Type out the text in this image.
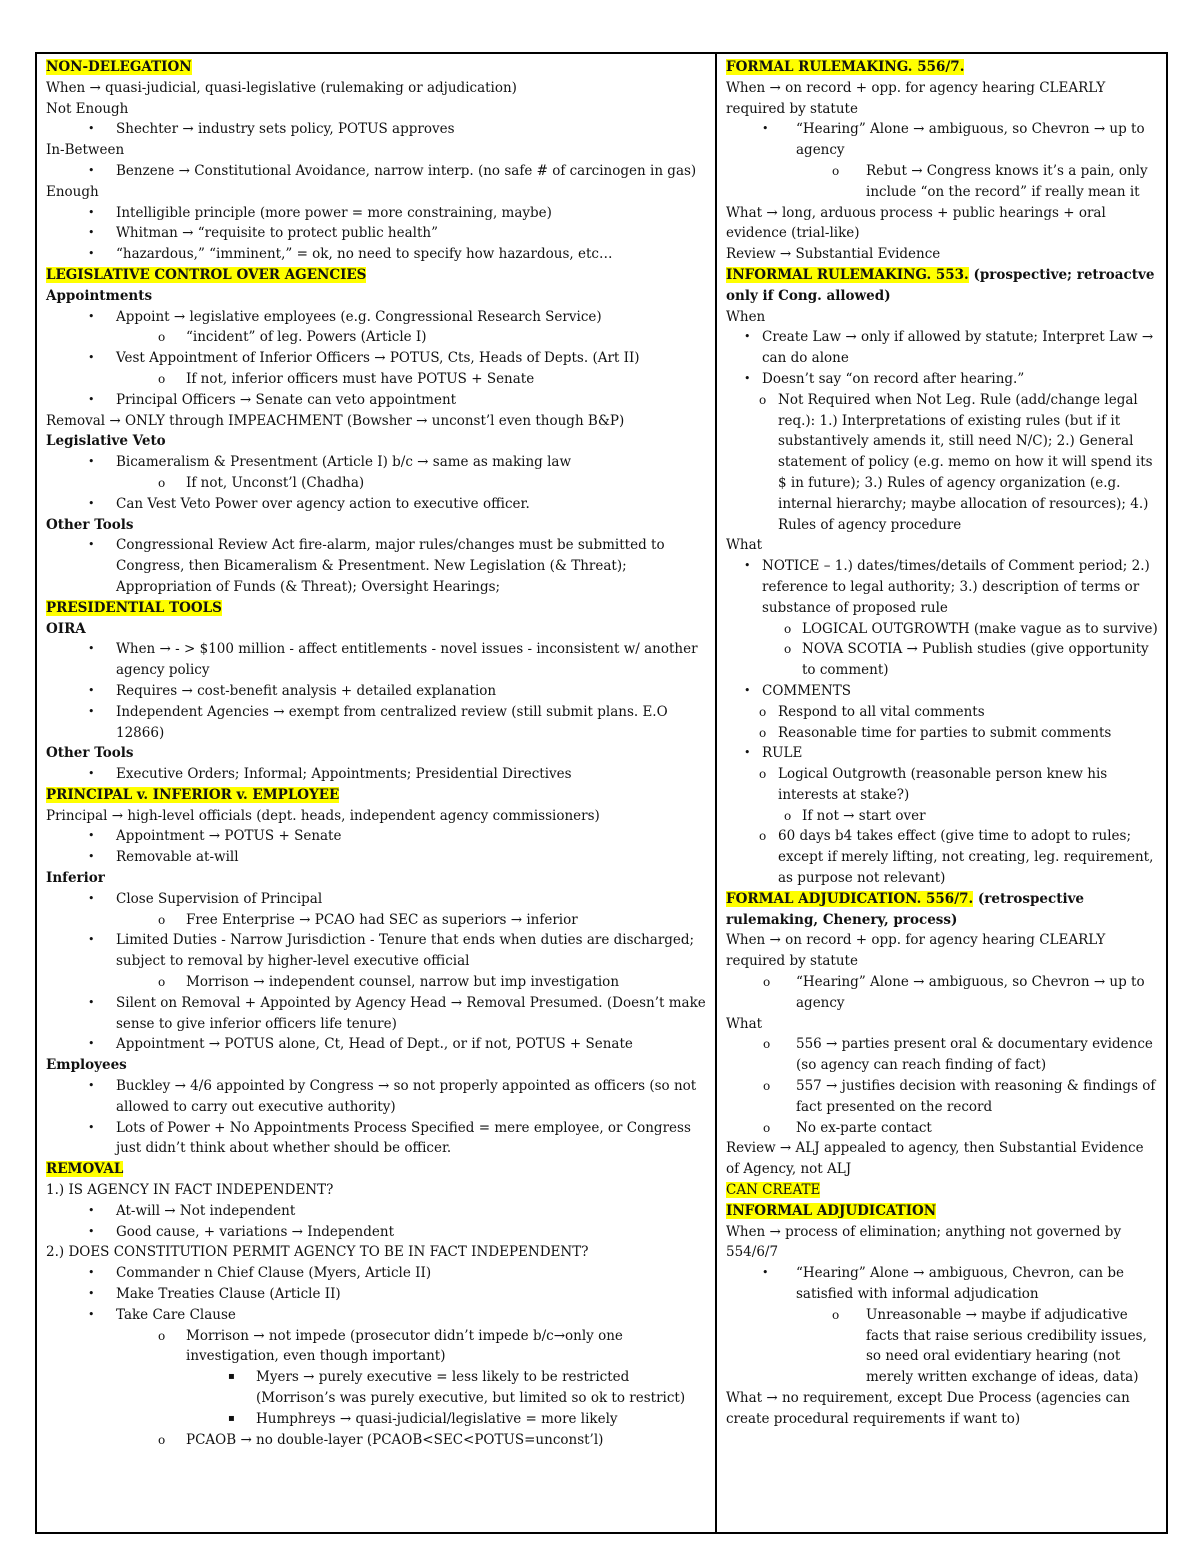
NON-DELEGATION
When → quasi-judicial, quasi-legislative (rulemaking or adjudication)
Not Enough
• Shechter → industry sets policy, POTUS approves
In-Between
• Benzene → Constitutional Avoidance, narrow interp. (no safe # of carcinogen in gas)
Enough
• Intelligible principle (more power = more constraining, maybe)
• Whitman → “requisite to protect public health”
• “hazardous,” “imminent,” = ok, no need to specify how hazardous, etc…
LEGISLATIVE CONTROL OVER AGENCIES
Appointments
• Appoint → legislative employees (e.g. Congressional Research Service)
o “incident” of leg. Powers (Article I)
• Vest Appointment of Inferior Officers → POTUS, Cts, Heads of Depts. (Art II)
o If not, inferior officers must have POTUS + Senate
• Principal Officers → Senate can veto appointment
Removal → ONLY through IMPEACHMENT (Bowsher → unconst’l even though B&P)
Legislative Veto
• Bicameralism & Presentment (Article I) b/c → same as making law
o If not, Unconst’l (Chadha)
• Can Vest Veto Power over agency action to executive officer.
Other Tools
• Congressional Review Act fire-alarm, major rules/changes must be submitted to Congress, then Bicameralism & Presentment. New Legislation (& Threat); Appropriation of Funds (& Threat); Oversight Hearings;
PRESIDENTIAL TOOLS
OIRA
• When → - > $100 million - affect entitlements - novel issues - inconsistent w/ another agency policy
• Requires → cost-benefit analysis + detailed explanation
• Independent Agencies → exempt from centralized review (still submit plans. E.O 12866)
Other Tools
• Executive Orders; Informal; Appointments; Presidential Directives
PRINCIPAL v. INFERIOR v. EMPLOYEE
Principal → high-level officials (dept. heads, independent agency commissioners)
• Appointment → POTUS + Senate
• Removable at-will
Inferior
• Close Supervision of Principal
o Free Enterprise → PCAO had SEC as superiors → inferior
• Limited Duties - Narrow Jurisdiction - Tenure that ends when duties are discharged; subject to removal by higher-level executive official
o Morrison → independent counsel, narrow but imp investigation
• Silent on Removal + Appointed by Agency Head → Removal Presumed. (Doesn’t make sense to give inferior officers life tenure)
• Appointment → POTUS alone, Ct, Head of Dept., or if not, POTUS + Senate
Employees
• Buckley → 4/6 appointed by Congress → so not properly appointed as officers (so not allowed to carry out executive authority)
• Lots of Power + No Appointments Process Specified = mere employee, or Congress just didn’t think about whether should be officer.
REMOVAL
1.) IS AGENCY IN FACT INDEPENDENT?
• At-will → Not independent
• Good cause, + variations → Independent
2.) DOES CONSTITUTION PERMIT AGENCY TO BE IN FACT INDEPENDENT?
• Commander n Chief Clause (Myers, Article II)
• Make Treaties Clause (Article II)
• Take Care Clause
o Morrison → not impede (prosecutor didn’t impede b/c→only one investigation, even though important)
▪ Myers → purely executive = less likely to be restricted (Morrison’s was purely executive, but limited so ok to restrict)
▪ Humphreys → quasi-judicial/legislative = more likely
o PCAOB → no double-layer (PCAOB<SEC<POTUS=unconst’l)
FORMAL RULEMAKING. 556/7.
When → on record + opp. for agency hearing CLEARLY required by statute
• “Hearing” Alone → ambiguous, so Chevron → up to agency
o Rebut → Congress knows it’s a pain, only include “on the record” if really mean it
What → long, arduous process + public hearings + oral evidence (trial-like)
Review → Substantial Evidence
INFORMAL RULEMAKING. 553. (prospective; retroactve only if Cong. allowed)
When
• Create Law → only if allowed by statute; Interpret Law → can do alone
• Doesn’t say “on record after hearing.”
o Not Required when Not Leg. Rule (add/change legal req.): 1.) Interpretations of existing rules (but if it substantively amends it, still need N/C); 2.) General statement of policy (e.g. memo on how it will spend its $ in future); 3.) Rules of agency organization (e.g. internal hierarchy; maybe allocation of resources); 4.) Rules of agency procedure
What
• NOTICE – 1.) dates/times/details of Comment period; 2.) reference to legal authority; 3.) description of terms or substance of proposed rule
o LOGICAL OUTGROWTH (make vague as to survive)
o NOVA SCOTIA → Publish studies (give opportunity to comment)
• COMMENTS
o Respond to all vital comments
o Reasonable time for parties to submit comments
• RULE
o Logical Outgrowth (reasonable person knew his interests at stake?)
o If not → start over
o 60 days b4 takes effect (give time to adopt to rules; except if merely lifting, not creating, leg. requirement, as purpose not relevant)
FORMAL ADJUDICATION. 556/7. (retrospective rulemaking, Chenery, process)
When → on record + opp. for agency hearing CLEARLY required by statute
o “Hearing” Alone → ambiguous, so Chevron → up to agency
What
o 556 → parties present oral & documentary evidence (so agency can reach finding of fact)
o 557 → justifies decision with reasoning & findings of fact presented on the record
o No ex-parte contact
Review → ALJ appealed to agency, then Substantial Evidence of Agency, not ALJ
CAN CREATE
INFORMAL ADJUDICATION
When → process of elimination; anything not governed by 554/6/7
• “Hearing” Alone → ambiguous, Chevron, can be satisfied with informal adjudication
o Unreasonable → maybe if adjudicative facts that raise serious credibility issues, so need oral evidentiary hearing (not merely written exchange of ideas, data)
What → no requirement, except Due Process (agencies can create procedural requirements if want to)
